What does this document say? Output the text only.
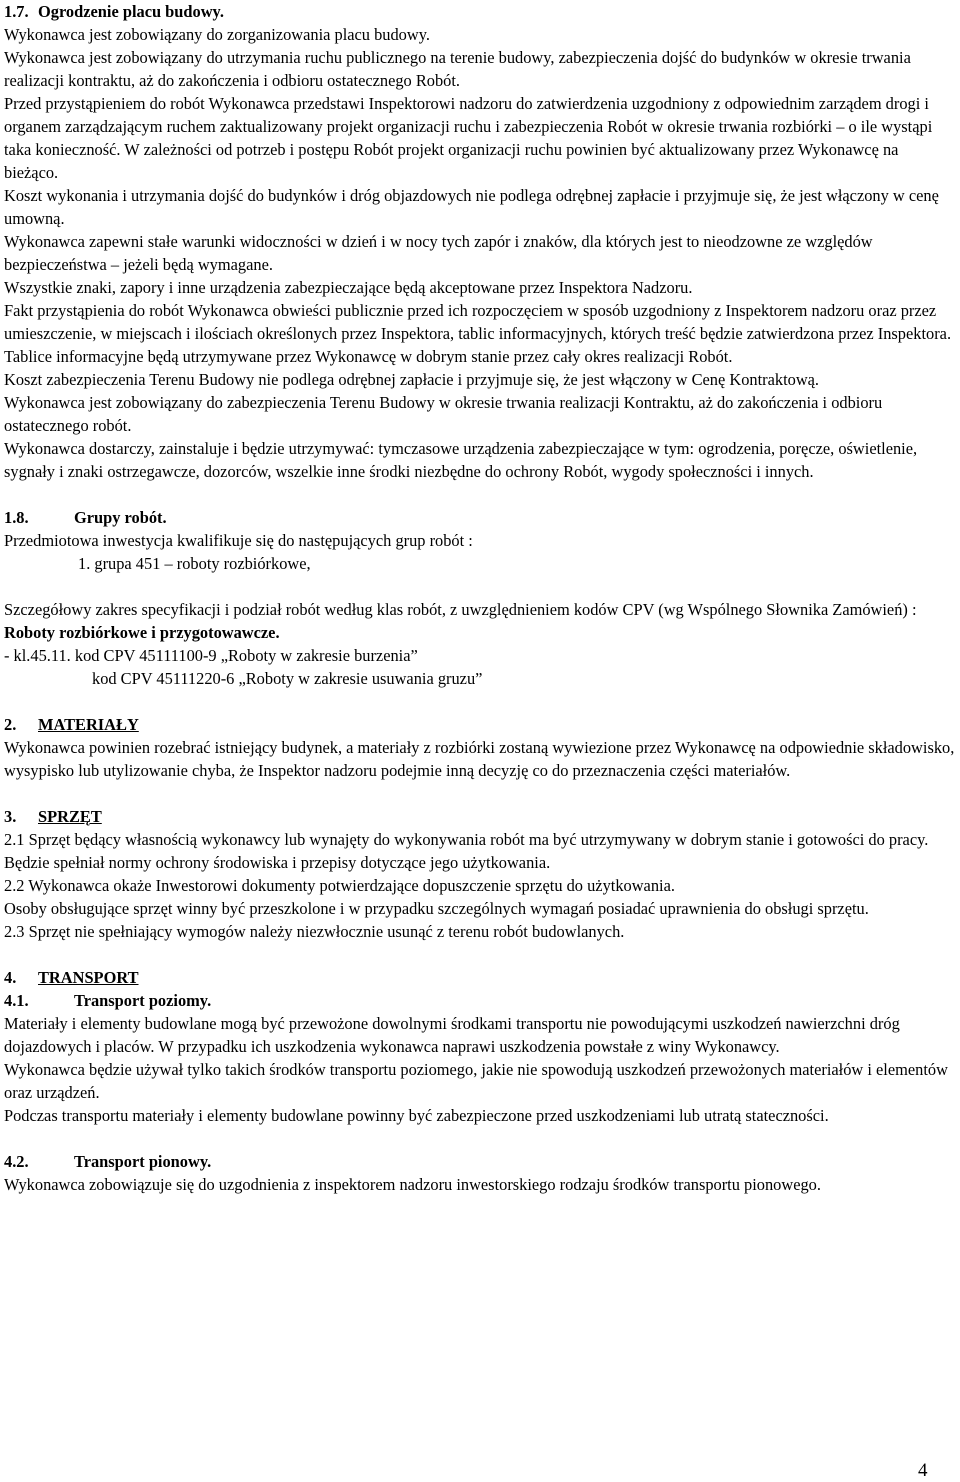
1.7. Ogrodzenie placu budowy.

Wykonawca jest zobowiązany do zorganizowania placu budowy.

Wykonawca jest zobowiązany do utrzymania ruchu publicznego na terenie budowy, zabezpieczenia dojść do budynków w okresie trwania realizacji kontraktu, aż do zakończenia i odbioru ostatecznego Robót.

Przed przystąpieniem do robót Wykonawca przedstawi Inspektorowi nadzoru do zatwierdzenia uzgodniony z odpowiednim zarządem drogi i organem zarządzającym ruchem zaktualizowany projekt organizacji ruchu i zabezpieczenia Robót w okresie trwania rozbiórki – o ile wystąpi taka konieczność. W zależności od potrzeb i postępu Robót projekt organizacji ruchu powinien być aktualizowany przez Wykonawcę na bieżąco.

Koszt wykonania i utrzymania dojść do budynków i dróg objazdowych nie podlega odrębnej zapłacie i przyjmuje się, że jest włączony w cenę umowną.

Wykonawca zapewni stałe warunki widoczności w dzień i w nocy tych zapór i znaków, dla których jest to nieodzowne ze względów bezpieczeństwa – jeżeli będą wymagane.

Wszystkie znaki, zapory i inne urządzenia zabezpieczające będą akceptowane przez Inspektora Nadzoru.

Fakt przystąpienia do robót Wykonawca obwieści publicznie przed ich rozpoczęciem w sposób uzgodniony z Inspektorem nadzoru oraz przez umieszczenie, w miejscach i ilościach określonych przez Inspektora, tablic informacyjnych, których treść będzie zatwierdzona przez Inspektora. Tablice informacyjne będą utrzymywane przez Wykonawcę w dobrym stanie przez cały okres realizacji Robót.

Koszt zabezpieczenia Terenu Budowy nie podlega odrębnej zapłacie i przyjmuje się, że jest włączony w Cenę Kontraktową.

Wykonawca jest zobowiązany do zabezpieczenia Terenu Budowy w okresie trwania realizacji Kontraktu, aż do zakończenia i odbioru ostatecznego robót.

Wykonawca dostarczy, zainstaluje i będzie utrzymywać: tymczasowe urządzenia zabezpieczające w tym: ogrodzenia, poręcze, oświetlenie, sygnały i znaki ostrzegawcze, dozorców, wszelkie inne środki niezbędne do ochrony Robót, wygody społeczności i innych.

1.8.	Grupy robót.

Przedmiotowa inwestycja kwalifikuje się do następujących grup robót :

1. grupa 451 – roboty rozbiórkowe,

Szczegółowy zakres specyfikacji i podział robót według klas robót, z uwzględnieniem kodów CPV (wg Wspólnego Słownika Zamówień) :

Roboty rozbiórkowe i przygotowawcze.

- kl.45.11. kod CPV 45111100-9 „Roboty w zakresie burzenia”

kod CPV 45111220-6 „Roboty w zakresie usuwania gruzu”

2. MATERIAŁY

Wykonawca powinien rozebrać istniejący budynek, a materiały z rozbiórki zostaną wywiezione przez Wykonawcę na odpowiednie składowisko, wysypisko lub utylizowanie chyba, że Inspektor nadzoru podejmie inną decyzję co do przeznaczenia części materiałów.

3. SPRZĘT

2.1 Sprzęt będący własnością wykonawcy lub wynajęty do wykonywania robót ma być utrzymywany w dobrym stanie i gotowości do pracy. Będzie spełniał normy ochrony środowiska i przepisy dotyczące jego użytkowania.

2.2 Wykonawca okaże Inwestorowi dokumenty potwierdzające dopuszczenie sprzętu do użytkowania.

Osoby obsługujące sprzęt winny być przeszkolone i w przypadku szczególnych wymagań posiadać uprawnienia do obsługi sprzętu.

2.3 Sprzęt nie spełniający wymogów należy niezwłocznie usunąć z terenu robót budowlanych.

4. TRANSPORT

4.1.	Transport poziomy.

Materiały i elementy budowlane mogą być przewożone dowolnymi środkami transportu nie powodującymi uszkodzeń nawierzchni dróg dojazdowych i placów. W przypadku ich uszkodzenia wykonawca naprawi uszkodzenia powstałe z winy Wykonawcy.

Wykonawca będzie używał tylko takich środków transportu poziomego, jakie nie spowodują uszkodzeń przewożonych materiałów i elementów oraz urządzeń.

Podczas transportu materiały i elementy budowlane powinny być zabezpieczone przed uszkodzeniami lub utratą stateczności.

4.2.	Transport pionowy.

Wykonawca zobowiązuje się do uzgodnienia z inspektorem nadzoru inwestorskiego rodzaju środków transportu pionowego.

4
